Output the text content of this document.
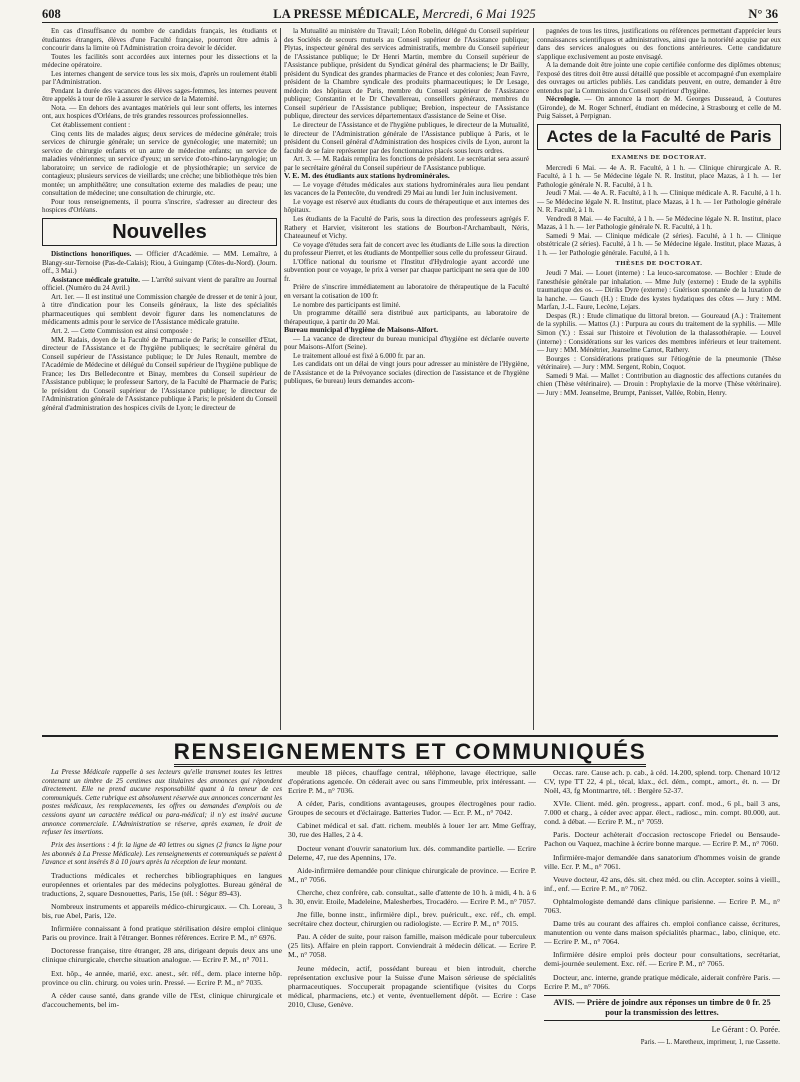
608	LA PRESSE MÉDICALE, Mercredi, 6 Mai 1925	N° 36

En cas d'insuffisance du nombre de candidats français, les étudiants et étudiantes étrangers, élèves d'une Faculté française, pourront être admis à concourir dans la limite où l'Administration croira devoir le décider.

Toutes les facilités sont accordées aux internes pour les dissections et la médecine opératoire.

Les internes changent de service tous les six mois, d'après un roulement établi par l'Administration.

Pendant la durée des vacances des élèves sages-femmes, les internes peuvent être appelés à tour de rôle à assurer le service de la Maternité.

Nota. — En dehors des avantages matériels qui leur sont offerts, les internes ont, aux hospices d'Orléans, de très grandes ressources professionnelles.

Cet établissement contient :

Cinq cents lits de malades aigus; deux services de médecine générale; trois services de chirurgie générale; un service de gynécologie; une maternité; un service de chirurgie enfants et un autre de médecine enfants; un service de maladies vénériennes; un service d'yeux; un service d'oto-rhino-laryngologie; un laboratoire; un service de radiologie et de physiothérapie; un service de contagieux; plusieurs services de vieillards; une crèche; une bibliothèque très bien montée; un amphithéâtre; une consultation externe des maladies de peau; une consultation de médecine; une consultation de chirurgie, etc.

Pour tous renseignements, il pourra s'inscrire, s'adresser au directeur des hospices d'Orléans.

Nouvelles

Distinctions honorifiques. — Officier d'Académie. — MM. Lemaître, à Blangy-sur-Ternoise (Pas-de-Calais); Riou, à Guingamp (Côtes-du-Nord). (Journ. off., 3 Mai.)

Assistance médicale gratuite. — L'arrêté suivant vient de paraître au Journal officiel. (Numéro du 24 Avril.)

Art. 1er. — Il est institué une Commission chargée de dresser et de tenir à jour, à titre d'indication pour les Conseils généraux, la liste des spécialités pharmaceutiques qui semblent devoir figurer dans les nomenclatures de médicaments admis pour le service de l'Assistance médicale gratuite.

Art. 2. — Cette Commission est ainsi composée :

MM. Radais, doyen de la Faculté de Pharmacie de Paris; le conseiller d'Etat, directeur de l'Assistance et de l'hygiène publiques; le secrétaire général du Conseil supérieur de l'Assistance publique; le Dr Jules Renault, membre de l'Académie de Médecine et délégué du Conseil supérieur de l'hygiène publique de France; les Drs Belledecontre et Binay, membres du Conseil supérieur de l'Assistance publique; le professeur Sartory, de la Faculté de Pharmacie de Paris; le président du Conseil supérieur de l'Assistance publique; le directeur de l'Administration générale de l'Assistance publique à Paris; le président du Conseil général d'administration des hospices civils de Lyon; le directeur de

la Mutualité au ministère du Travail; Léon Robelin, délégué du Conseil supérieur des Sociétés de secours mutuels au Conseil supérieur de l'Assistance publique; Plytas, inspecteur général des services administratifs, membre du Conseil supérieur de l'Assistance publique; le Dr Henri Martin, membre du Conseil supérieur de l'Assistance publique, président du Syndicat général des pharmaciens; le Dr Bailly, président du Syndicat des grandes pharmacies de France et des colonies; Jean Favre, président de la Chambre syndicale des produits pharmaceutiques; le Dr Lesage, médecin des hôpitaux de Paris, membre du Conseil supérieur de l'Assistance publique; Constantin et le Dr Chevallereau, conseillers généraux, membres du Conseil supérieur de l'Assistance publique; Brebion, inspecteur de l'Assistance publique, directeur des services départementaux d'assistance de Seine et Oise.

Le directeur de l'Assistance et de l'hygiène publiques, le directeur de la Mutualité, le directeur de l'Administration générale de l'Assistance publique à Paris, et le président du Conseil général d'Administration des hospices civils de Lyon, auront la faculté de se faire représenter par des fonctionnaires placés sous leurs ordres.

Art. 3. — M. Radais remplira les fonctions de président. Le secrétariat sera assuré par le secrétaire général du Conseil supérieur de l'Assistance publique.

V. E. M. des étudiants aux stations hydrominérales.

— Le voyage d'études médicales aux stations hydrominérales aura lieu pendant les vacances de la Pentecôte, du vendredi 29 Mai au lundi 1er Juin inclusivement.

Le voyage est réservé aux étudiants du cours de thérapeutique et aux internes des hôpitaux.

Les étudiants de la Faculté de Paris, sous la direction des professeurs agrégés F. Rathery et Harvier, visiteront les stations de Bourbon-l'Archambault, Néris, Chateauneuf et Vichy.

Ce voyage d'études sera fait de concert avec les étudiants de Lille sous la direction du professeur Pierret, et les étudiants de Montpellier sous celle du professeur Giraud.

L'Office national du tourisme et l'Institut d'Hydrologie ayant accordé une subvention pour ce voyage, le prix à verser par chaque participant ne sera que de 100 fr.

Prière de s'inscrire immédiatement au laboratoire de thérapeutique de la Faculté en versant la cotisation de 100 fr.

Le nombre des participants est limité.

Un programme détaillé sera distribué aux participants, au laboratoire de thérapeutique, à partir du 20 Mai.

Bureau municipal d'hygiène de Maisons-Alfort.

— La vacance de directeur du bureau municipal d'hygiène est déclarée ouverte pour Maisons-Alfort (Seine).

Le traitement alloué est fixé à 6.000 fr. par an.

Les candidats ont un délai de vingt jours pour adresser au ministère de l'Hygiène, de l'Assistance et de la Prévoyance sociales (direction de l'assistance et de l'hygiène publiques, 6e bureau) leurs demandes accom-

pagnées de tous les titres, justifications ou références permettant d'apprécier leurs connaissances scientifiques et administratives, ainsi que la notoriété acquise par eux dans des services analogues ou des fonctions antérieures. Cette candidature s'applique exclusivement au poste envisagé.

A la demande doit être jointe une copie certifiée conforme des diplômes obtenus; l'exposé des titres doit être aussi détaillé que possible et accompagné d'un exemplaire des ouvrages ou articles publiés. Les candidats peuvent, en outre, demander à être entendus par la Commission du Conseil supérieur d'hygiène.

Nécrologie. — On annonce la mort de M. Georges Dusseaud, à Coutures (Gironde), de M. Roger Schnerf, étudiant en médecine, à Strasbourg et celle de M. Puig Saisset, à Perpignan.

Actes de la Faculté de Paris
EXAMENS DE DOCTORAT.

Mercredi 6 Mai. — 4e A. R. Faculté, à 1 h. — Clinique chirurgicale A. R. Faculté, à 1 h. — 5e Médecine légale N. R. Institut, place Mazas, à 1 h. — 1er Pathologie générale N. R. Faculté, à 1 h.

Jeudi 7 Mai. — 4e A. R. Faculté, à 1 h. — Clinique médicale A. R. Faculté, à 1 h. — 5e Médecine légale N. R. Institut, place Mazas, à 1 h. — 1er Pathologie générale N. R. Faculté, à 1 h.

Vendredi 8 Mai. — 4e Faculté, à 1 h. — 5e Médecine légale N. R. Institut, place Mazas, à 1 h. — 1er Pathologie générale N. R. Faculté, à 1 h.

Samedi 9 Mai. — Clinique médicale (2 séries). Faculté, à 1 h. — Clinique obstétricale (2 séries). Faculté, à 1 h. — 5e Médecine légale. Institut, place Mazas, à 1 h. — 1er Pathologie générale. Faculté, à 1 h.

THÈSES DE DOCTORAT.

Jeudi 7 Mai. — Louet (interne) : La leuco-sarcomatose. — Bochler : Etude de l'anesthésie générale par inhalation. — Mme July (externe) : Etude de la syphilis traumatique des os. — Diriks Dyre (externe) : Guérison spontanée de la luxation de la hanche. — Gauch (H.) : Etude des kystes hydatiques des côtes — Jury : MM. Marfan, J.-L. Faure, Lecène, Lejars.

Despas (R.) : Etude climatique du littoral breton. — Goureaud (A.) : Traitement de la syphilis. — Mattos (J.) : Purpura au cours du traitement de la syphilis. — Mlle Simon (Y.) : Essai sur l'histoire et l'évolution de la thalassothérapie. — Louvel (interne) : Considérations sur les varices des membres inférieurs et leur traitement. — Jury : MM. Ménétrier, Jeanselme Carnot, Rathery.

Bourges : Considérations pratiques sur l'étiogénie de la pneumonie (Thèse vétérinaire). — Jury : MM. Sergent, Robin, Coquot.

Samedi 9 Mai. — Mallet : Contribution au diagnostic des affections cutanées du chien (Thèse vétérinaire). — Drouin : Prophylaxie de la morve (Thèse vétérinaire). — Jury : MM. Jeanselme, Brumpt, Panisset, Vallée, Robin, Henry.

RENSEIGNEMENTS ET COMMUNIQUÉS

La Presse Médicale rappelle à ses lecteurs qu'elle transmet toutes les lettres contenant un timbre de 25 centimes aux titulaires des annonces qui répondent directement. Elle ne prend aucune responsabilité quant à la teneur de ces communiqués. Cette rubrique est absolument réservée aux annonces concernant les postes médicaux, les remplacements, les offres ou demandes d'emplois ou de cessions ayant un caractère médical ou para-médical; il n'y est inséré aucune annonce commerciale. L'Administration se réserve, après examen, le droit de refuser les insertions.

Prix des insertions : 4 fr. la ligne de 40 lettres ou signes (2 francs la ligne pour les abonnés à La Presse Médicale). Les renseignements et communiqués se paient à l'avance et sont insérés 8 à 10 jours après la réception de leur montant.

Traductions médicales et recherches bibliographiques en langues européennes et orientales par des médecins polyglottes. Bureau général de traductions, 2, square Desnouettes, Paris, 15e (tél. : Ségur 89-43).

Nombreux instruments et appareils médico-chirurgicaux. — Ch. Loreau, 3 bis, rue Abel, Paris, 12e.

Infirmière connaissant à fond pratique stérilisation désire emploi clinique Paris ou province. Irait à l'étranger. Bonnes références. Ecrire P. M., n° 6976.

Doctoresse française, titre étranger, 28 ans, dirigeant depuis deux ans une clinique chirurgicale, cherche situation analogue. — Ecrire P. M., n° 7011.

Ext. hôp., 4e année, marié, exc. anest., sér. réf., dem. place interne hôp. province ou clin. chirurg. ou voies urin. Pressé. — Ecrire P. M., n° 7035.

A céder cause santé, dans grande ville de l'Est, clinique chirurgicale et d'accouchements, bel im-

meuble 18 pièces, chauffage central, téléphone, lavage électrique, salle d'opérations agencée. On céderait avec ou sans l'immeuble, prix intéressant. — Ecrire P. M., n° 7036.

A céder, Paris, conditions avantageuses, groupes électrogènes pour radio. Groupes de secours et d'éclairage. Batteries Tudor. — Ecr. P. M., n° 7042.

Cabinet médical et sal. d'att. richem. meublés à louer 1er arr. Mme Geffray, 30, rue des Halles, 2 à 4.

Docteur venant d'ouvrir sanatorium lux. dés. commandite partielle. — Ecrire Delerne, 47, rue des Apennins, 17e.

Aide-infirmière demandée pour clinique chirurgicale de province. — Ecrire P. M., n° 7056.

Cherche, chez confrère, cab. consultat., salle d'attente de 10 h. à midi, 4 h. à 6 h. 30, envir. Etoile, Madeleine, Malesherbes, Trocadéro. — Ecrire P. M., n° 7057.

Jne fille, bonne instr., infirmière dipl., brev. puéricult., exc. réf., ch. empl. secrétaire chez docteur, chirurgien ou radiologiste. — Ecrire P. M., n° 7015.

Pau. A céder de suite, pour raison famille, maison médicale pour tuberculeux (25 lits). Affaire en plein rapport. Conviendrait à médecin délicat. — Ecrire P. M., n° 7058.

Jeune médecin, actif, possédant bureau et bien introduit, cherche représentation exclusive pour la Suisse d'une Maison sérieuse de spécialités pharmaceutiques. S'occuperait propagande scientifique (visites du Corps médical, pharmaciens, etc.) et vente, éventuellement dépôt. — Ecrire : Case 2010, Cluse, Genève.

Occas. rare. Cause ach. p. cab., à céd. 14.200, splend. torp. Chenard 10/12 CV, type TT 22, 4 pl., técal, klax., écl. dém., compt., amort., ét. n. — Dr Noël, 43, fg Montmartre, tél. : Bergère 52-37.

XVIe. Client. méd. gén. progress., appart. conf. mod., 6 pl., bail 3 ans, 7.000 et charg., à céder avec appar. élect., radiosc., min. compt. 80.000, aut. cond. à débat. — Ecrire P. M., n° 7059.

Paris. Docteur achèterait d'occasion rectoscope Friedel ou Bensaude-Pachon ou Vaquez, machine à écrire bonne marque. — Ecrire P. M., n° 7060.

Infirmière-major demandée dans sanatorium d'hommes voisin de grande ville. Ecr. P. M., n° 7061.

Veuve docteur, 42 ans, dés. sit. chez méd. ou clin. Accepter. soins à vieill., inf., enf. — Ecrire P. M., n° 7062.

Ophtalmologiste demandé dans clinique parisienne. — Ecrire P. M., n° 7063.

Dame très au courant des affaires ch. emploi confiance caisse, écritures, manutention ou vente dans maison spécialités pharmac., labo, clinique, etc. — Ecrire P. M., n° 7064.

Infirmière désire emploi près docteur pour consultations, secrétariat, demi-journée seulement. Exc. réf. — Ecrire P. M., n° 7065.

Docteur, anc. interne, grande pratique médicale, aiderait confrère Paris. — Ecrire P. M., n° 7066.

AVIS. — Prière de joindre aux réponses un timbre de 0 fr. 25 pour la transmission des lettres.
Le Gérant : O. Porée.
Paris. — L. Maretheux, imprimeur, 1, rue Cassette.
